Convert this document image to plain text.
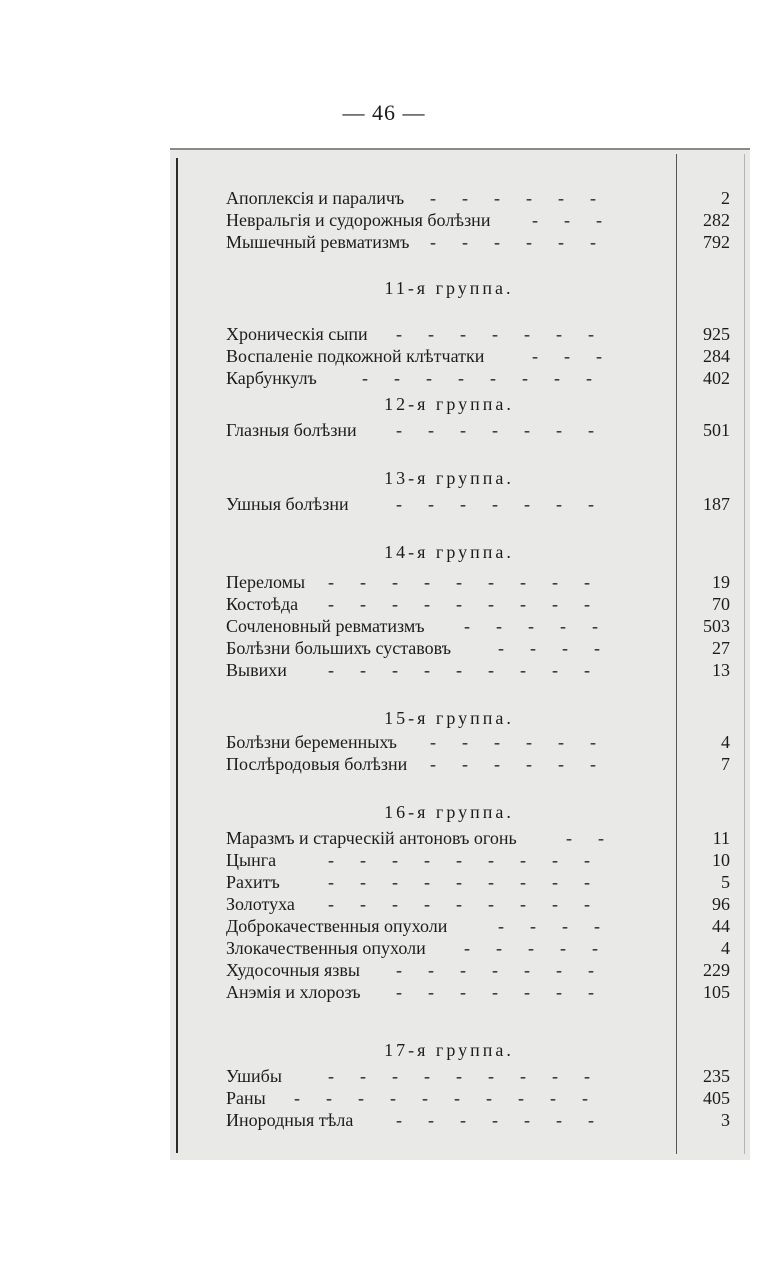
— 46 —
Апоплексія и параличъ	2
------
Невральгія и судорожныя болѣзни	282
---
Мышечный ревматизмъ	792
------
11-я группа.
Хроническія сыпи	925
-------
Воспаленіе подкожной клѣтчатки	284
---
Карбункулъ	402
--------
12-я группа.
Глазныя болѣзни	501
-------
13-я группа.
Ушныя болѣзни	187
-------
14-я группа.
Переломы	19
---------
Костоѣда	70
---------
Сочленовный ревматизмъ	503
-----
Болѣзни большихъ суставовъ	27
----
Вывихи	13
---------
15-я группа.
Болѣзни беременныхъ	4
------
Послѣродовыя болѣзни	7
------
16-я группа.
Маразмъ и старческій антоновъ огонь	11
--
Цынга	10
---------
Рахитъ	5
---------
Золотуха	96
---------
Доброкачественныя опухоли	44
----
Злокачественныя опухоли	4
-----
Худосочныя язвы	229
-------
Анэмія и хлорозъ	105
-------
17-я группа.
Ушибы	235
---------
Раны	405
----------
Инородныя тѣла	3
-------
